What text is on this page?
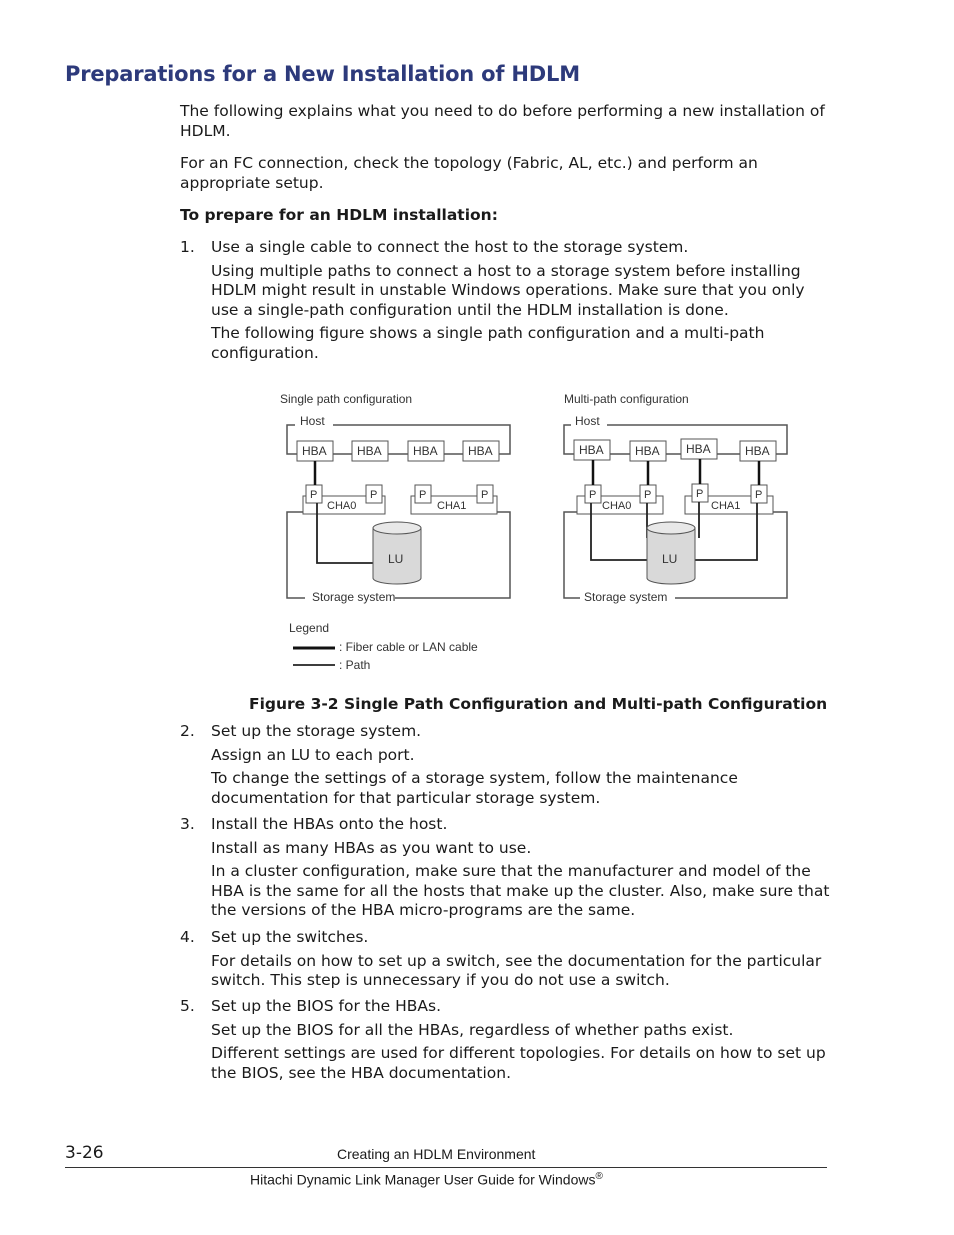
Preparations for a New Installation of HDLM

The following explains what you need to do before performing a new installation of HDLM.

For an FC connection, check the topology (Fabric, AL, etc.) and perform an appropriate setup.

To prepare for an HDLM installation:
1. Use a single cable to connect the host to the storage system.

Using multiple paths to connect a host to a storage system before installing HDLM might result in unstable Windows operations. Make sure that you only use a single-path configuration until the HDLM installation is done.

The following figure shows a single path configuration and a multi-path configuration.

Single path configuration
Host
HBA	HBA	HBA	HBA
Storage system
CHA0	CHA1
P	P	P	P
LU
Multi-path configuration
Host
HBA	HBA HBA	HBA
Storage system
CHA0	CHA1
P	P	P	P
LU
Legend
: Fiber cable or LAN cable
: Path
Figure 3-2 Single Path Configuration and Multi-path Configuration
2. Set up the storage system.

Assign an LU to each port.

To change the settings of a storage system, follow the maintenance documentation for that particular storage system.

3. Install the HBAs onto the host.

Install as many HBAs as you want to use.

In a cluster configuration, make sure that the manufacturer and model of the HBA is the same for all the hosts that make up the cluster. Also, make sure that the versions of the HBA micro-programs are the same.

4. Set up the switches.

For details on how to set up a switch, see the documentation for the particular switch. This step is unnecessary if you do not use a switch.

5. Set up the BIOS for the HBAs.

Set up the BIOS for all the HBAs, regardless of whether paths exist.

Different settings are used for different topologies. For details on how to set up the BIOS, see the HBA documentation.

3-26	Creating an HDLM Environment
Hitachi Dynamic Link Manager User Guide for Windows®
